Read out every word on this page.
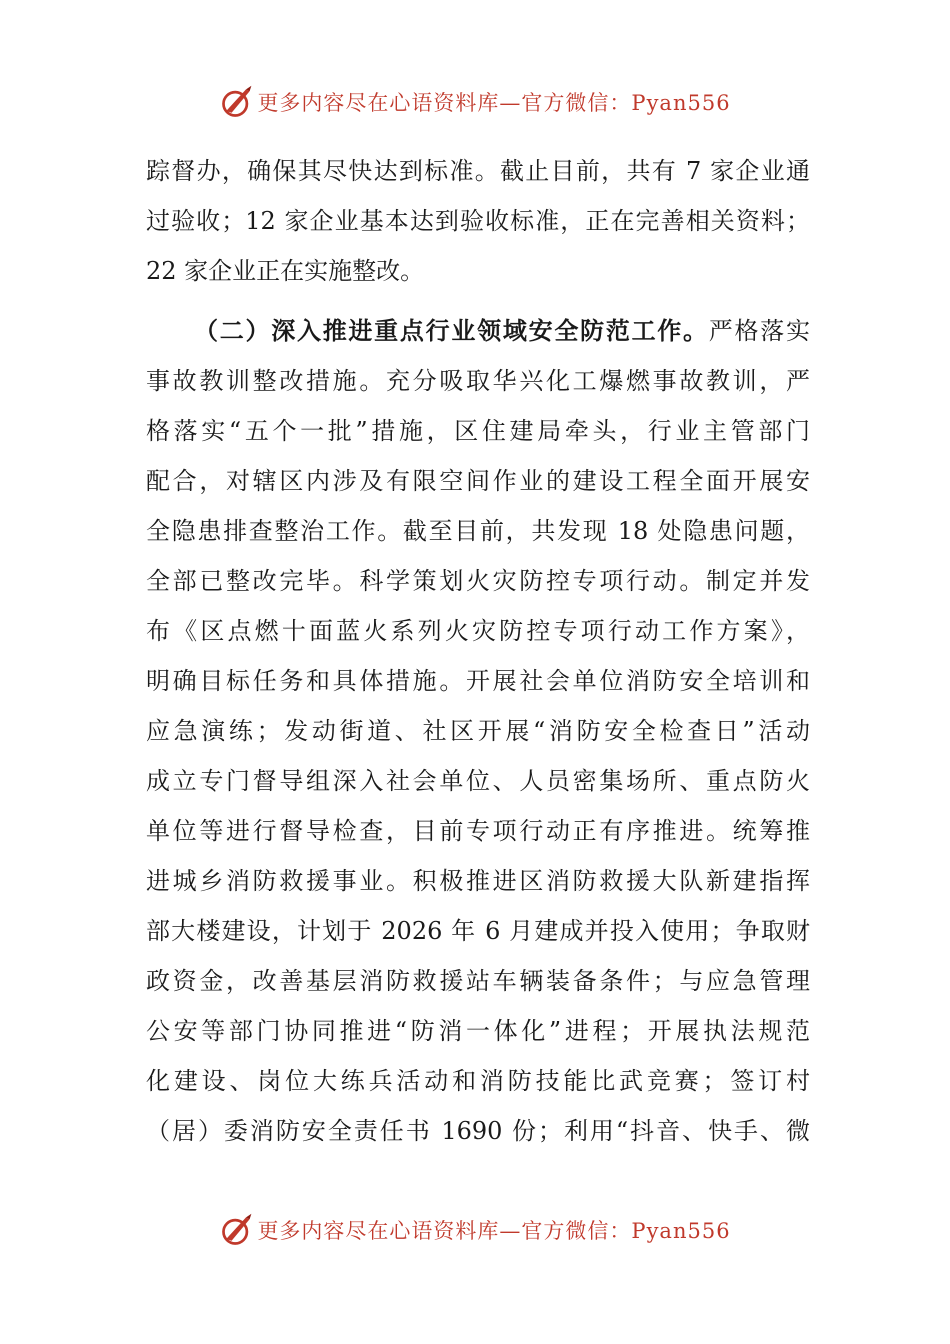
更多内容尽在心语资料库—官方微信：Pyan556
踪督办，确保其尽快达到标准。截止目前，共有 7 家企业通
过验收；12 家企业基本达到验收标准，正在完善相关资料；
22 家企业正在实施整改。
（二）深入推进重点行业领域安全防范工作。严格落实
事故教训整改措施。充分吸取华兴化工爆燃事故教训，严
格落实“五个一批”措施，区住建局牵头，行业主管部门
配合，对辖区内涉及有限空间作业的建设工程全面开展安
全隐患排查整治工作。截至目前，共发现 18 处隐患问题，
全部已整改完毕。科学策划火灾防控专项行动。制定并发
布《区点燃十面蓝火系列火灾防控专项行动工作方案》，
明确目标任务和具体措施。开展社会单位消防安全培训和
应急演练；发动街道、社区开展“消防安全检查日”活动
成立专门督导组深入社会单位、人员密集场所、重点防火
单位等进行督导检查，目前专项行动正有序推进。统筹推
进城乡消防救援事业。积极推进区消防救援大队新建指挥
部大楼建设，计划于 2026 年 6 月建成并投入使用；争取财
政资金，改善基层消防救援站车辆装备条件；与应急管理
公安等部门协同推进“防消一体化”进程；开展执法规范
化建设、岗位大练兵活动和消防技能比武竞赛；签订村
（居）委消防安全责任书 1690 份；利用“抖音、快手、微
更多内容尽在心语资料库—官方微信：Pyan556
